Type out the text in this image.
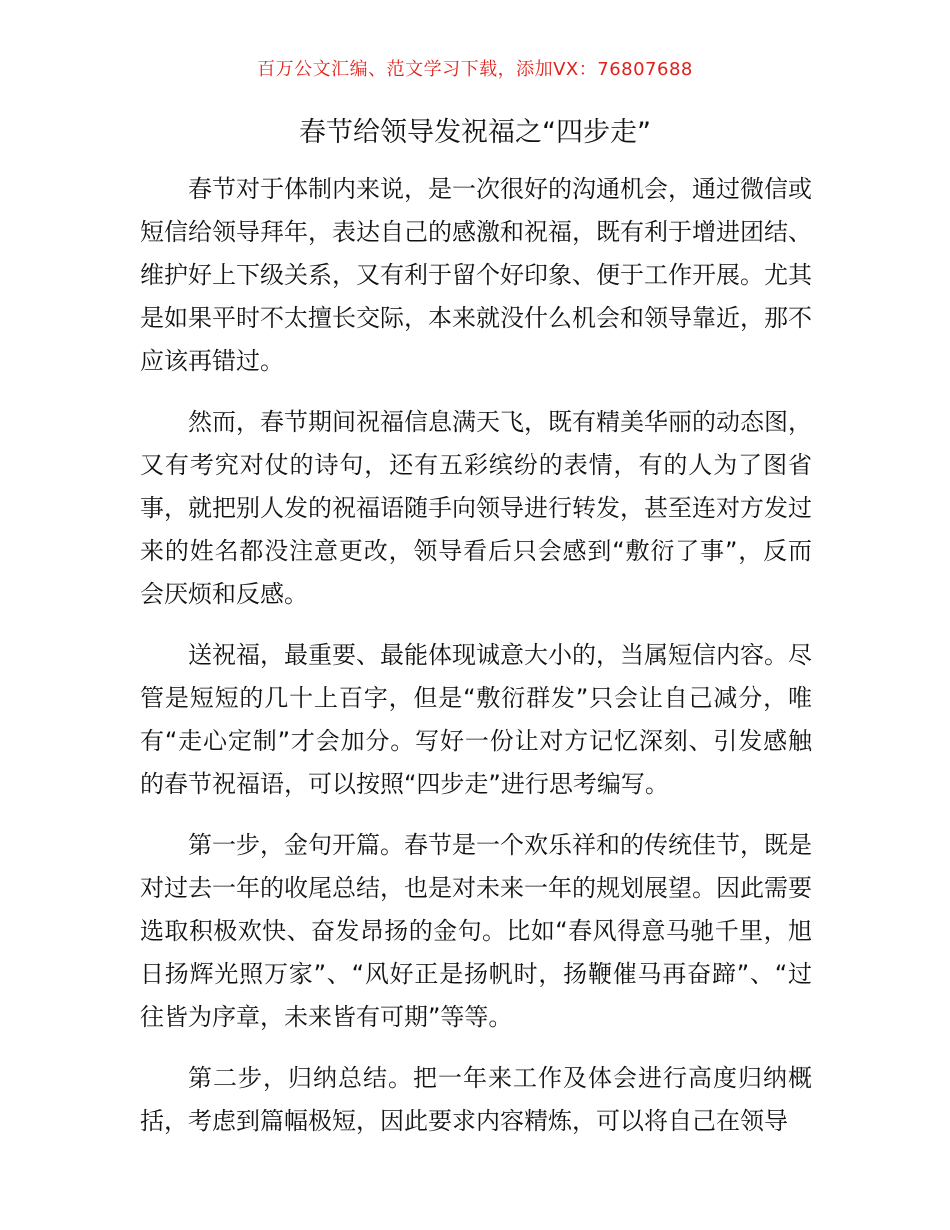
百万公文汇编、范文学习下载，添加VX：76807688
春节给领导发祝福之“四步走”

春节对于体制内来说，是一次很好的沟通机会，通过微信或短信给领导拜年，表达自己的感激和祝福，既有利于增进团结、维护好上下级关系，又有利于留个好印象、便于工作开展。尤其是如果平时不太擅长交际，本来就没什么机会和领导靠近，那不应该再错过。

然而，春节期间祝福信息满天飞，既有精美华丽的动态图，又有考究对仗的诗句，还有五彩缤纷的表情，有的人为了图省事，就把别人发的祝福语随手向领导进行转发，甚至连对方发过来的姓名都没注意更改，领导看后只会感到“敷衍了事”，反而会厌烦和反感。

送祝福，最重要、最能体现诚意大小的，当属短信内容。尽管是短短的几十上百字，但是“敷衍群发”只会让自己减分，唯有“走心定制”才会加分。写好一份让对方记忆深刻、引发感触的春节祝福语，可以按照“四步走”进行思考编写。

第一步，金句开篇。春节是一个欢乐祥和的传统佳节，既是对过去一年的收尾总结，也是对未来一年的规划展望。因此需要选取积极欢快、奋发昂扬的金句。比如“春风得意马驰千里，旭日扬辉光照万家”、“风好正是扬帆时，扬鞭催马再奋蹄”、“过往皆为序章，未来皆有可期”等等。

第二步，归纳总结。把一年来工作及体会进行高度归纳概括，考虑到篇幅极短，因此要求内容精炼，可以将自己在领导
